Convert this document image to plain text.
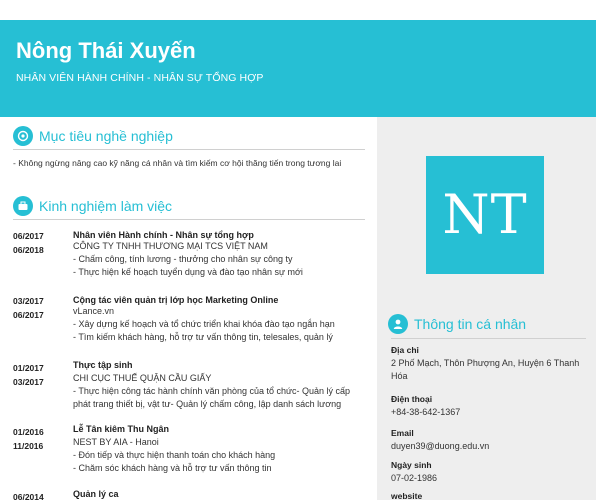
Nông Thái Xuyến
NHÂN VIÊN HÀNH CHÍNH - NHÂN SỰ TỔNG HỢP
Mục tiêu nghề nghiệp
- Không ngừng nâng cao kỹ năng cá nhân và tìm kiếm cơ hội thăng tiến trong tương lai
Kinh nghiệm làm việc
06/2017
06/2018
Nhân viên Hành chính - Nhân sự tổng hợp
CÔNG TY TNHH THƯƠNG MẠI TCS VIỆT NAM
- Chấm công, tính lương - thưởng cho nhân sự công ty
- Thực hiện kế hoạch tuyển dụng và đào tạo nhân sự mới
03/2017
06/2017
Cộng tác viên quản trị lớp học Marketing Online
vLance.vn
- Xây dựng kế hoạch và tổ chức triển khai khóa đào tạo ngắn hạn
- Tìm kiếm khách hàng, hỗ trợ tư vấn thông tin, telesales, quản lý
01/2017
03/2017
Thực tập sinh
CHI CỤC THUẾ QUẬN CẦU GIẤY
- Thực hiện công tác hành chính văn phòng của tổ chức- Quản lý cấp
phát trang thiết bị, vật tư- Quản lý chấm công, lập danh sách lương
01/2016
11/2016
Lễ Tân kiêm Thu Ngân
NEST BY AIA - Hanoi
- Đón tiếp và thực hiện thanh toán cho khách hàng
- Chăm sóc khách hàng và hỗ trợ tư vấn thông tin
06/2014	Quản lý ca
NT
Thông tin cá nhân
Địa chỉ
2 Phố Mạch, Thôn Phượng An, Huyện 6 Thanh Hóa
Điện thoại
+84-38-642-1367
Email
duyen39@duong.edu.vn
Ngày sinh
07-02-1986
website
